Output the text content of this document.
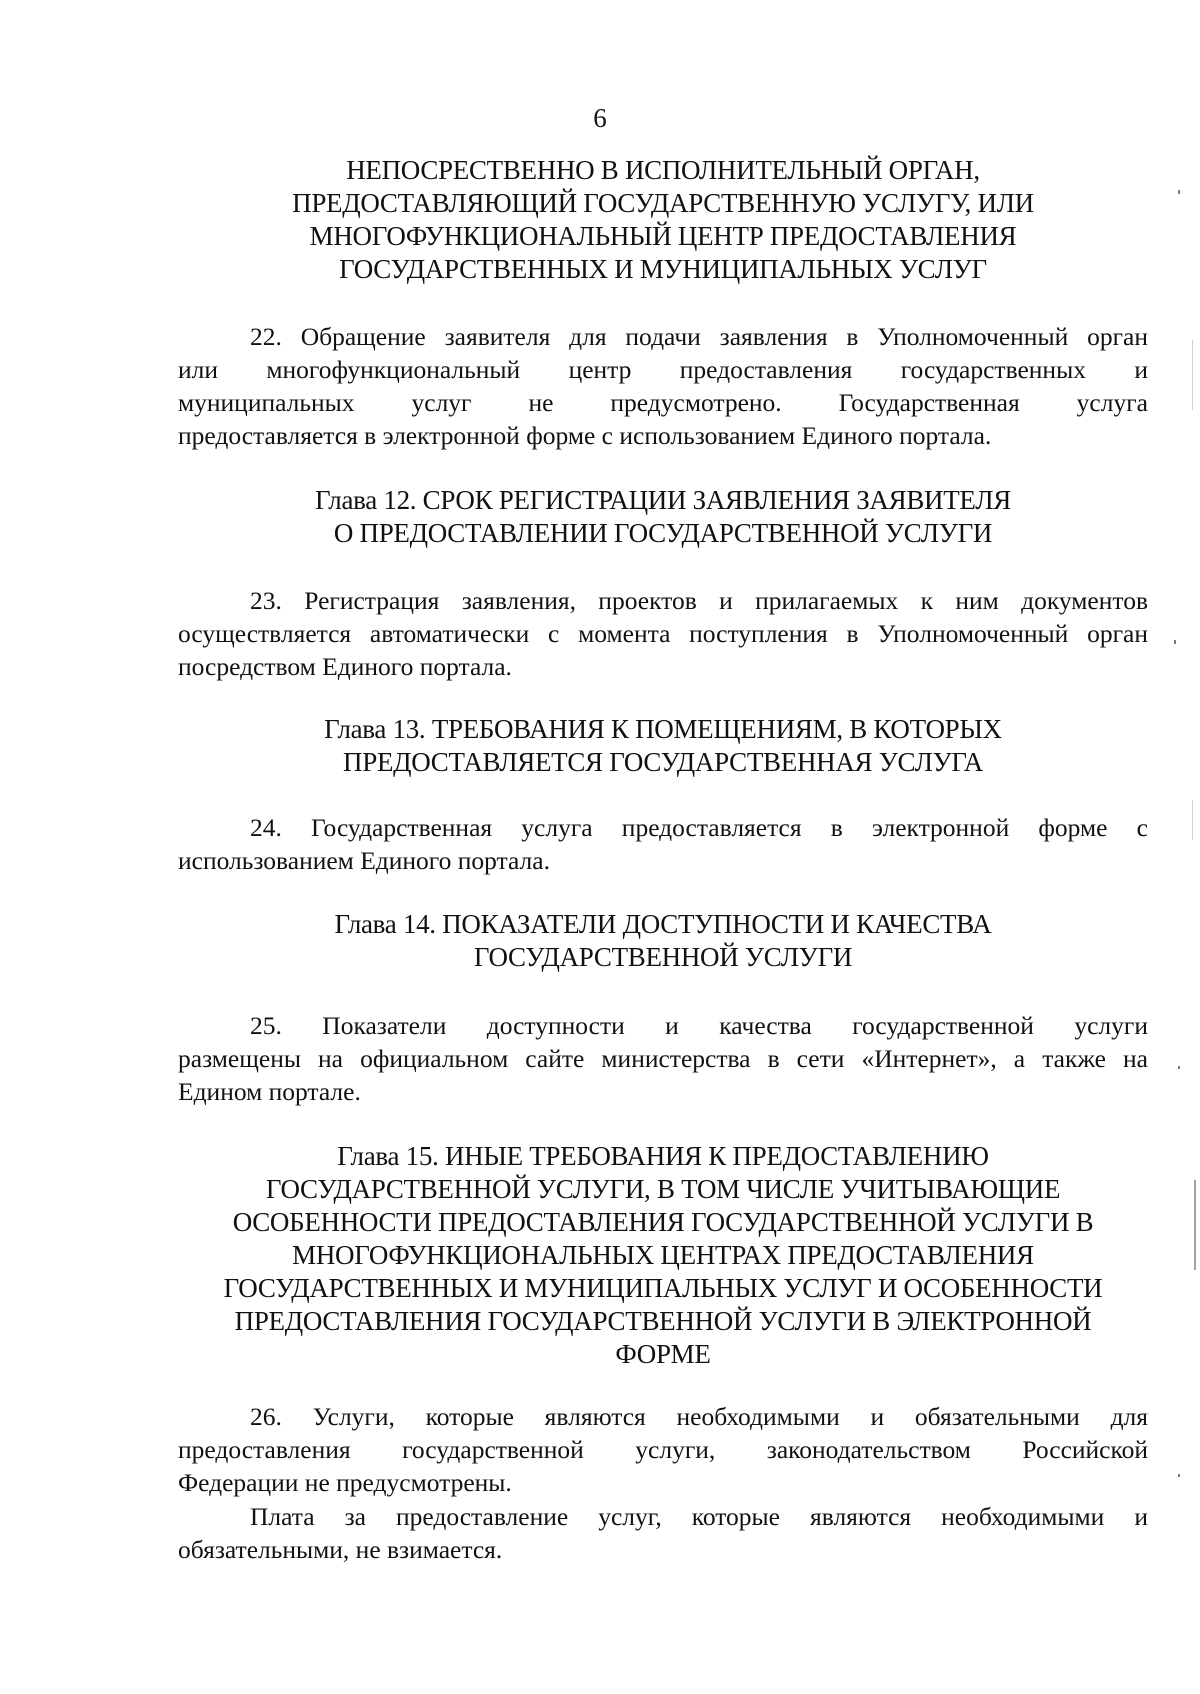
6
НЕПОСРЕСТВЕННО В ИСПОЛНИТЕЛЬНЫЙ ОРГАН,
ПРЕДОСТАВЛЯЮЩИЙ ГОСУДАРСТВЕННУЮ УСЛУГУ, ИЛИ
МНОГОФУНКЦИОНАЛЬНЫЙ ЦЕНТР ПРЕДОСТАВЛЕНИЯ
ГОСУДАРСТВЕННЫХ И МУНИЦИПАЛЬНЫХ УСЛУГ
22. Обращение заявителя для подачи заявления в Уполномоченный орган
или многофункциональный центр предоставления государственных и
муниципальных услуг не предусмотрено. Государственная услуга
предоставляется в электронной форме с использованием Единого портала.
Глава 12. СРОК РЕГИСТРАЦИИ ЗАЯВЛЕНИЯ ЗАЯВИТЕЛЯ
О ПРЕДОСТАВЛЕНИИ ГОСУДАРСТВЕННОЙ УСЛУГИ
23. Регистрация заявления, проектов и прилагаемых к ним документов
осуществляется автоматически с момента поступления в Уполномоченный орган
посредством Единого портала.
Глава 13. ТРЕБОВАНИЯ К ПОМЕЩЕНИЯМ, В КОТОРЫХ
ПРЕДОСТАВЛЯЕТСЯ ГОСУДАРСТВЕННАЯ УСЛУГА
24. Государственная услуга предоставляется в электронной форме с
использованием Единого портала.
Глава 14. ПОКАЗАТЕЛИ ДОСТУПНОСТИ И КАЧЕСТВА
ГОСУДАРСТВЕННОЙ УСЛУГИ
25. Показатели доступности и качества государственной услуги
размещены на официальном сайте министерства в сети «Интернет», а также на
Едином портале.
Глава 15. ИНЫЕ ТРЕБОВАНИЯ К ПРЕДОСТАВЛЕНИЮ
ГОСУДАРСТВЕННОЙ УСЛУГИ, В ТОМ ЧИСЛЕ УЧИТЫВАЮЩИЕ
ОСОБЕННОСТИ ПРЕДОСТАВЛЕНИЯ ГОСУДАРСТВЕННОЙ УСЛУГИ В
МНОГОФУНКЦИОНАЛЬНЫХ ЦЕНТРАХ ПРЕДОСТАВЛЕНИЯ
ГОСУДАРСТВЕННЫХ И МУНИЦИПАЛЬНЫХ УСЛУГ И ОСОБЕННОСТИ
ПРЕДОСТАВЛЕНИЯ ГОСУДАРСТВЕННОЙ УСЛУГИ В ЭЛЕКТРОННОЙ
ФОРМЕ
26. Услуги, которые являются необходимыми и обязательными для
предоставления государственной услуги, законодательством Российской
Федерации не предусмотрены.
Плата за предоставление услуг, которые являются необходимыми и
обязательными, не взимается.
